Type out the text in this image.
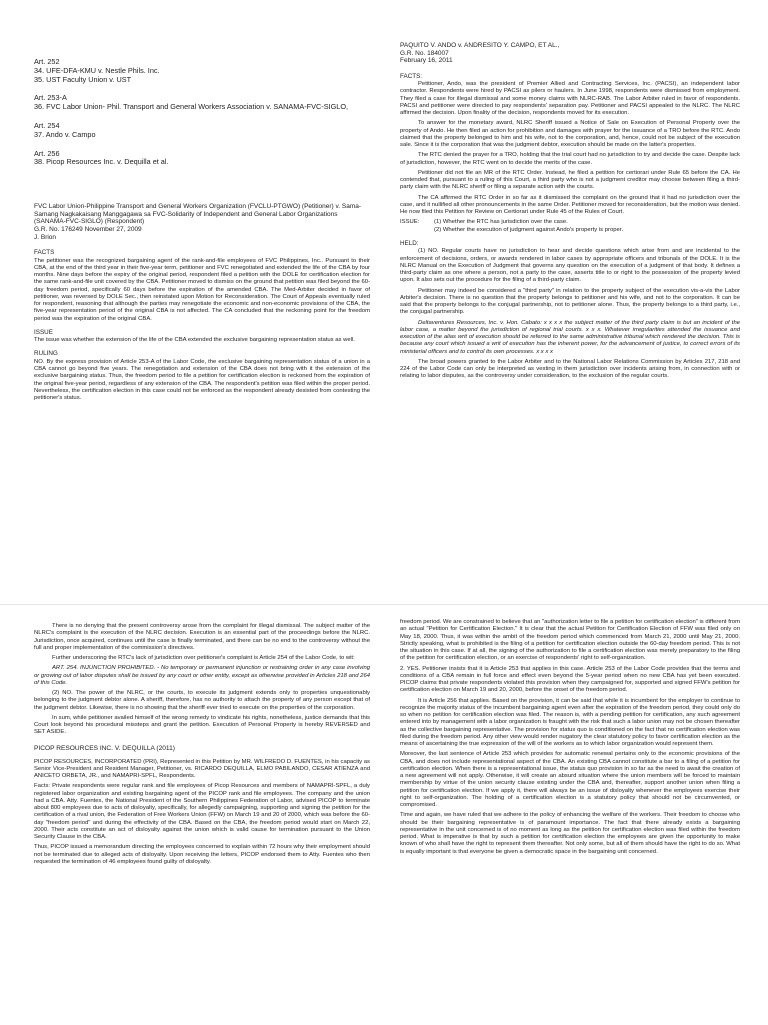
Art. 252
34. UFE-DFA-KMU v. Nestle Phils. Inc.
35. UST Faculty Union v. UST
Art. 253-A
36. FVC Labor Union- Phil. Transport and General Workers Association v. SANAMA-FVC-SIGLO,
Art. 254
37. Ando v. Campo
Art. 256
38. Picop Resources Inc. v. Dequilla et al.
FVC Labor Union-Philippine Transport and General Workers Organization (FVCLU-PTGWO) (Petitioner) v. Sama-Samang Nagkakaisang Manggagawa sa FVC-Solidarity of Independent and General Labor Organizations (SANAMA-FVC-SIGLO) (Respondent)
G.R. No. 176249 November 27, 2009
J. Brion
FACTS

The petitioner was the recognized bargaining agent of the rank-and-file employees of FVC Philippines, Inc.. Pursuant to their CBA, at the end of the third year in their five-year term, petitioner and FVC renegotiated and extended the life of the CBA by four months. Nine days before the expiry of the original period, respondent filed a petition with the DOLE for certification election for the same rank-and-file unit covered by the CBA. Petitioner moved to dismiss on the ground that petition was filed beyond the 60-day freedom period, specifically 60 days before the expiration of the amended CBA. The Med-Arbiter decided in favor of petitioner, was reversed by DOLE Sec., then reinstated upon Motion for Reconsideration. The Court of Appeals eventually ruled for respondent, reasoning that although the parties may renegotiate the economic and non-economic provisions of the CBA, the five-year representation period of the original CBA is not affected. The CA concluded that the reckoning point for the freedom period was the expiration of the original CBA.

ISSUE

The issue was whether the extension of the life of the CBA extended the exclusive bargaining representation status as well.

RULING

NO. By the express provision of Article 253-A of the Labor Code, the exclusive bargaining representation status of a union in a CBA cannot go beyond five years. The renegotiation and extension of the CBA does not bring with it the extension of the exclusive bargaining status. Thus, the freedom period to file a petition for certification election is reckoned from the expiration of the original five-year period, regardless of any extension of the CBA. The respondent's petition was filed within the proper period. Nevertheless, the certification election in this case could not be enforced as the respondent already desisted from contesting the petitioner's status.

PAQUITO V. ANDO v. ANDRESITO Y. CAMPO, ET AL.,
G.R. No. 184007
February 16, 2011
FACTS:

Petitioner, Ando, was the president of Premier Allied and Contracting Services, Inc. (PACSI), an independent labor contractor. Respondents were hired by PACSI as pilers or haulers. In June 1998, respondents were dismissed from employment. They filed a case for illegal dismissal and some money claims with NLRC-RAB. The Labor Arbiter ruled in favor of respondents. PACSI and petitioner were directed to pay respondents' separation pay. Petitioner and PACSI appealed to the NLRC. The NLRC affirmed the decision. Upon finality of the decision, respondents moved for its execution.

To answer for the monetary award, NLRC Sheriff issued a Notice of Sale on Execution of Personal Property over the property of Ando. He then filed an action for prohibition and damages with prayer for the issuance of a TRO before the RTC. Ando claimed that the property belonged to him and his wife, not to the corporation, and, hence, could not be subject of the execution sale. Since it is the corporation that was the judgment debtor, execution should be made on the latter's properties.

The RTC denied the prayer for a TRO, holding that the trial court had no jurisdiction to try and decide the case. Despite lack of jurisdiction, however, the RTC went on to decide the merits of the case.

Petitioner did not file an MR of the RTC Order. Instead, he filed a petition for certiorari under Rule 65 before the CA. He contended that, pursuant to a ruling of this Court, a third party who is not a judgment creditor may choose between filing a third-party claim with the NLRC sheriff or filing a separate action with the courts.

The CA affirmed the RTC Order in so far as it dismissed the complaint on the ground that it had no jurisdiction over the case, and it nullified all other pronouncements in the same Order. Petitioner moved for reconsideration, but the motion was denied. He now filed this Petition for Review on Certiorari under Rule 45 of the Rules of Court.

ISSUE:	(1) Whether the RTC has jurisdiction over the case.
(2) Whether the execution of judgment against Ando's property is proper.
HELD:

(1) NO. Regular courts have no jurisdiction to hear and decide questions which arise from and are incidental to the enforcement of decisions, orders, or awards rendered in labor cases by appropriate officers and tribunals of the DOLE. It is the NLRC Manual on the Execution of Judgment that governs any question on the execution of a judgment of that body. It defines a third-party claim as one where a person, not a party to the case, asserts title to or right to the possession of the property levied upon. It also sets out the procedure for the filing of a third-party claim.

Petitioner may indeed be considered a "third party" in relation to the property subject of the execution vis-a-vis the Labor Arbiter's decision. There is no question that the property belongs to petitioner and his wife, and not to the corporation. It can be said that the property belongs to the conjugal partnership, not to petitioner alone. Thus, the property belongs to a third party, i.e., the conjugal partnership.

Deltaventures Resources, Inc. v. Hon. Cabato: x x x x the subject matter of the third party claim is but an incident of the labor case, a matter beyond the jurisdiction of regional trial courts. x x x. Whatever irregularities attended the issuance and execution of the alias writ of execution should be referred to the same administrative tribunal which rendered the decision. This is because any court which issued a writ of execution has the inherent power, for the advancement of justice, to correct errors of its ministerial officers and to control its own processes. x x x x

The broad powers granted to the Labor Arbiter and to the National Labor Relations Commission by Articles 217, 218 and 224 of the Labor Code can only be interpreted as vesting in them jurisdiction over incidents arising from, in connection with or relating to labor disputes, as the controversy under consideration, to the exclusion of the regular courts.

There is no denying that the present controversy arose from the complaint for illegal dismissal. The subject matter of the NLRC's complaint is the execution of the NLRC decision. Execution is an essential part of the proceedings before the NLRC. Jurisdiction, once acquired, continues until the case is finally terminated, and there can be no end to the controversy without the full and proper implementation of the commission's directives.

Further underscoring the RTC's lack of jurisdiction over petitioner's complaint is Article 254 of the Labor Code, to wit:

ART. 254. INJUNCTION PROHIBITED. - No temporary or permanent injunction or restraining order in any case involving or growing out of labor disputes shall be issued by any court or other entity, except as otherwise provided in Articles 218 and 264 of this Code.

(2) NO. The power of the NLRC, or the courts, to execute its judgment extends only to properties unquestionably belonging to the judgment debtor alone. A sheriff, therefore, has no authority to attach the property of any person except that of the judgment debtor. Likewise, there is no showing that the sheriff ever tried to execute on the properties of the corporation.

In sum, while petitioner availed himself of the wrong remedy to vindicate his rights, nonetheless, justice demands that this Court look beyond his procedural missteps and grant the petition. Execution of Personal Property is hereby REVERSED and SET ASIDE.

PICOP RESOURCES INC. V. DEQUILLA (2011)

PICOP RESOURCES, INCORPORATED (PRI), Represented in this Petition by MR. WILFREDO D. FUENTES, in his capacity as Senior Vice-President and Resident Manager, Petitioner, vs. RICARDO DEQUILLA, ELMO PABILANDO, CESAR ATIENZA and ANICETO ORBETA, JR., and NAMAPRI-SPFL, Respondents.

Facts: Private respondents were regular rank and file employees of Picop Resources and members of NAMAPRI-SPFL, a duly registered labor organization and existing bargaining agent of the PICOP rank and file employees. The company and the union had a CBA. Atty. Fuentes, the National President of the Southern Philippines Federation of Labor, advised PICOP to terminate about 800 employees due to acts of disloyalty, specifically, for allegedly campaigning, supporting and signing the petition for the certification of a rival union, the Federation of Free Workers Union (FFW) on March 19 and 20 of 2000, which was before the 60-day "freedom period" and during the effectivity of the CBA. Based on the CBA, the freedom period would start on March 22, 2000. Their acts constitute an act of disloyalty against the union which is valid cause for termination pursuant to the Union Security Clause in the CBA.

Thus, PICOP issued a memorandum directing the employees concerned to explain within 72 hours why their employment should not be terminated due to alleged acts of disloyalty. Upon receiving the letters, PICOP endorsed them to Atty. Fuentes who then requested the termination of 46 employees found guilty of disloyalty.

freedom period. We are constrained to believe that an "authorization letter to file a petition for certification election" is different from an actual "Petition for Certification Election." It is clear that the actual Petition for Certification Election of FFW was filed only on May 18, 2000. Thus, it was within the ambit of the freedom period which commenced from March 21, 2000 until May 21, 2000. Strictly speaking, what is prohibited is the filing of a petition for certification election outside the 60-day freedom period. This is not the situation in this case. If at all, the signing of the authorization to file a certification election was merely preparatory to the filing of the petition for certification election, or an exercise of respondents' right to self-organization.

2. YES. Petitioner insists that it is Article 253 that applies in this case. Article 253 of the Labor Code provides that the terms and conditions of a CBA remain in full force and effect even beyond the 5-year period when no new CBA has yet been executed. PICOP claims that private respondents violated this provision when they campaigned for, supported and signed FFW's petition for certification election on March 19 and 20, 2000, before the onset of the freedom period.

It is Article 256 that applies. Based on the provision, it can be said that while it is incumbent for the employer to continue to recognize the majority status of the incumbent bargaining agent even after the expiration of the freedom period, they could only do so when no petition for certification election was filed. The reason is, with a pending petition for certification, any such agreement entered into by management with a labor organization is fraught with the risk that such a labor union may not be chosen thereafter as the collective bargaining representative. The provision for status quo is conditioned on the fact that no certification election was filed during the freedom period. Any other view would render nugatory the clear statutory policy to favor certification election as the means of ascertaining the true expression of the will of the workers as to which labor organization would represent them.

Moreover, the last sentence of Article 253 which provides for automatic renewal pertains only to the economic provisions of the CBA, and does not include representational aspect of the CBA. An existing CBA cannot constitute a bar to a filing of a petition for certification election. When there is a representational issue, the status quo provision in so far as the need to await the creation of a new agreement will not apply. Otherwise, it will create an absurd situation where the union members will be forced to maintain membership by virtue of the union security clause existing under the CBA and, thereafter, support another union when filing a petition for certification election. If we apply it, there will always be an issue of disloyalty whenever the employees exercise their right to self-organization. The holding of a certification election is a statutory policy that should not be circumvented, or compromised.

Time and again, we have ruled that we adhere to the policy of enhancing the welfare of the workers. Their freedom to choose who should be their bargaining representative is of paramount importance. The fact that there already exists a bargaining representative in the unit concerned is of no moment as long as the petition for certification election was filed within the freedom period. What is imperative is that by such a petition for certification election the employees are given the opportunity to make known of who shall have the right to represent them thereafter. Not only some, but all of them should have the right to do so. What is equally important is that everyone be given a democratic space in the bargaining unit concerned.
